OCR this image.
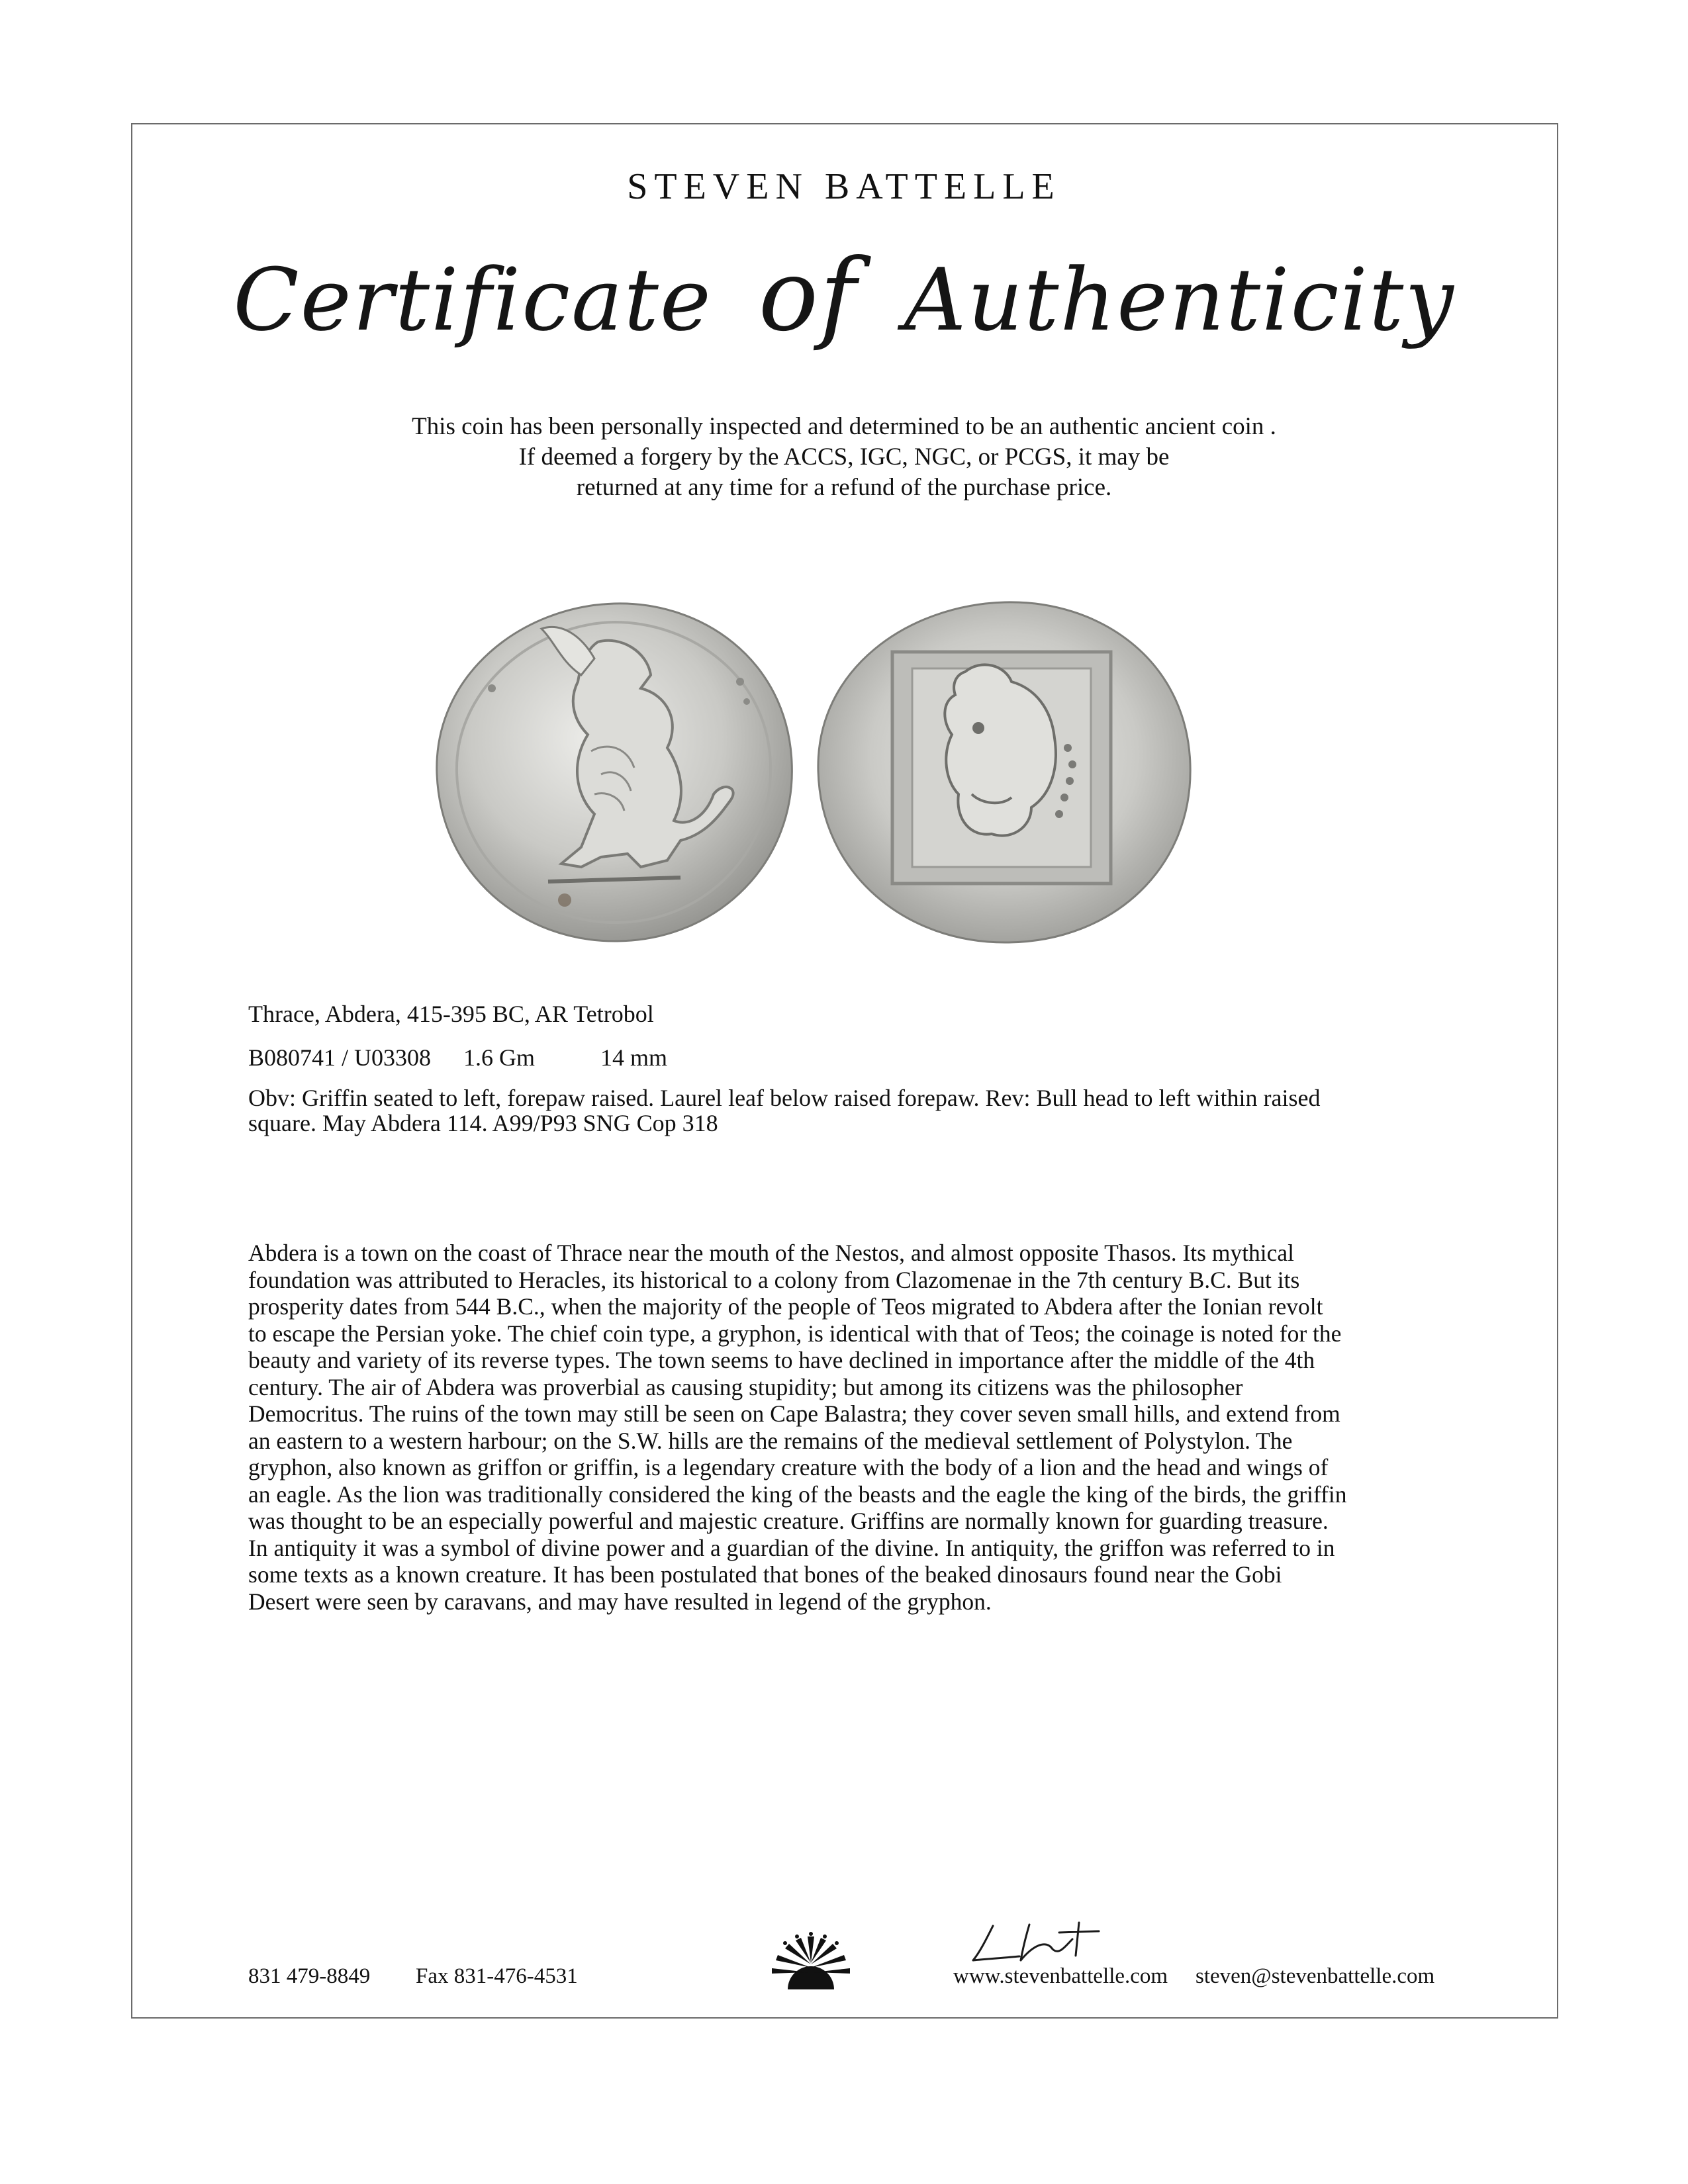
STEVEN BATTELLE
Certificate of Authenticity
This coin has been personally inspected and determined to be an authentic ancient coin .
If deemed a forgery by the ACCS, IGC, NGC, or PCGS, it may be
returned at any time for a refund of the purchase price.
Thrace, Abdera, 415-395 BC, AR Tetrobol
B080741 / U03308 1.6 Gm	14 mm
Obv: Griffin seated to left, forepaw raised. Laurel leaf below raised forepaw. Rev: Bull head to left within raised
square. May Abdera 114. A99/P93 SNG Cop 318
Abdera is a town on the coast of Thrace near the mouth of the Nestos, and almost opposite Thasos. Its mythical
foundation was attributed to Heracles, its historical to a colony from Clazomenae in the 7th century B.C. But its
prosperity dates from 544 B.C., when the majority of the people of Teos migrated to Abdera after the Ionian revolt
to escape the Persian yoke. The chief coin type, a gryphon, is identical with that of Teos; the coinage is noted for the
beauty and variety of its reverse types. The town seems to have declined in importance after the middle of the 4th
century. The air of Abdera was proverbial as causing stupidity; but among its citizens was the philosopher
Democritus. The ruins of the town may still be seen on Cape Balastra; they cover seven small hills, and extend from
an eastern to a western harbour; on the S.W. hills are the remains of the medieval settlement of Polystylon. The
gryphon, also known as griffon or griffin, is a legendary creature with the body of a lion and the head and wings of
an eagle. As the lion was traditionally considered the king of the beasts and the eagle the king of the birds, the griffin
was thought to be an especially powerful and majestic creature. Griffins are normally known for guarding treasure.
In antiquity it was a symbol of divine power and a guardian of the divine. In antiquity, the griffon was referred to in
some texts as a known creature. It has been postulated that bones of the beaked dinosaurs found near the Gobi
Desert were seen by caravans, and may have resulted in legend of the gryphon.
831 479-8849 Fax 831-476-4531	www.stevenbattelle.com steven@stevenbattelle.com
